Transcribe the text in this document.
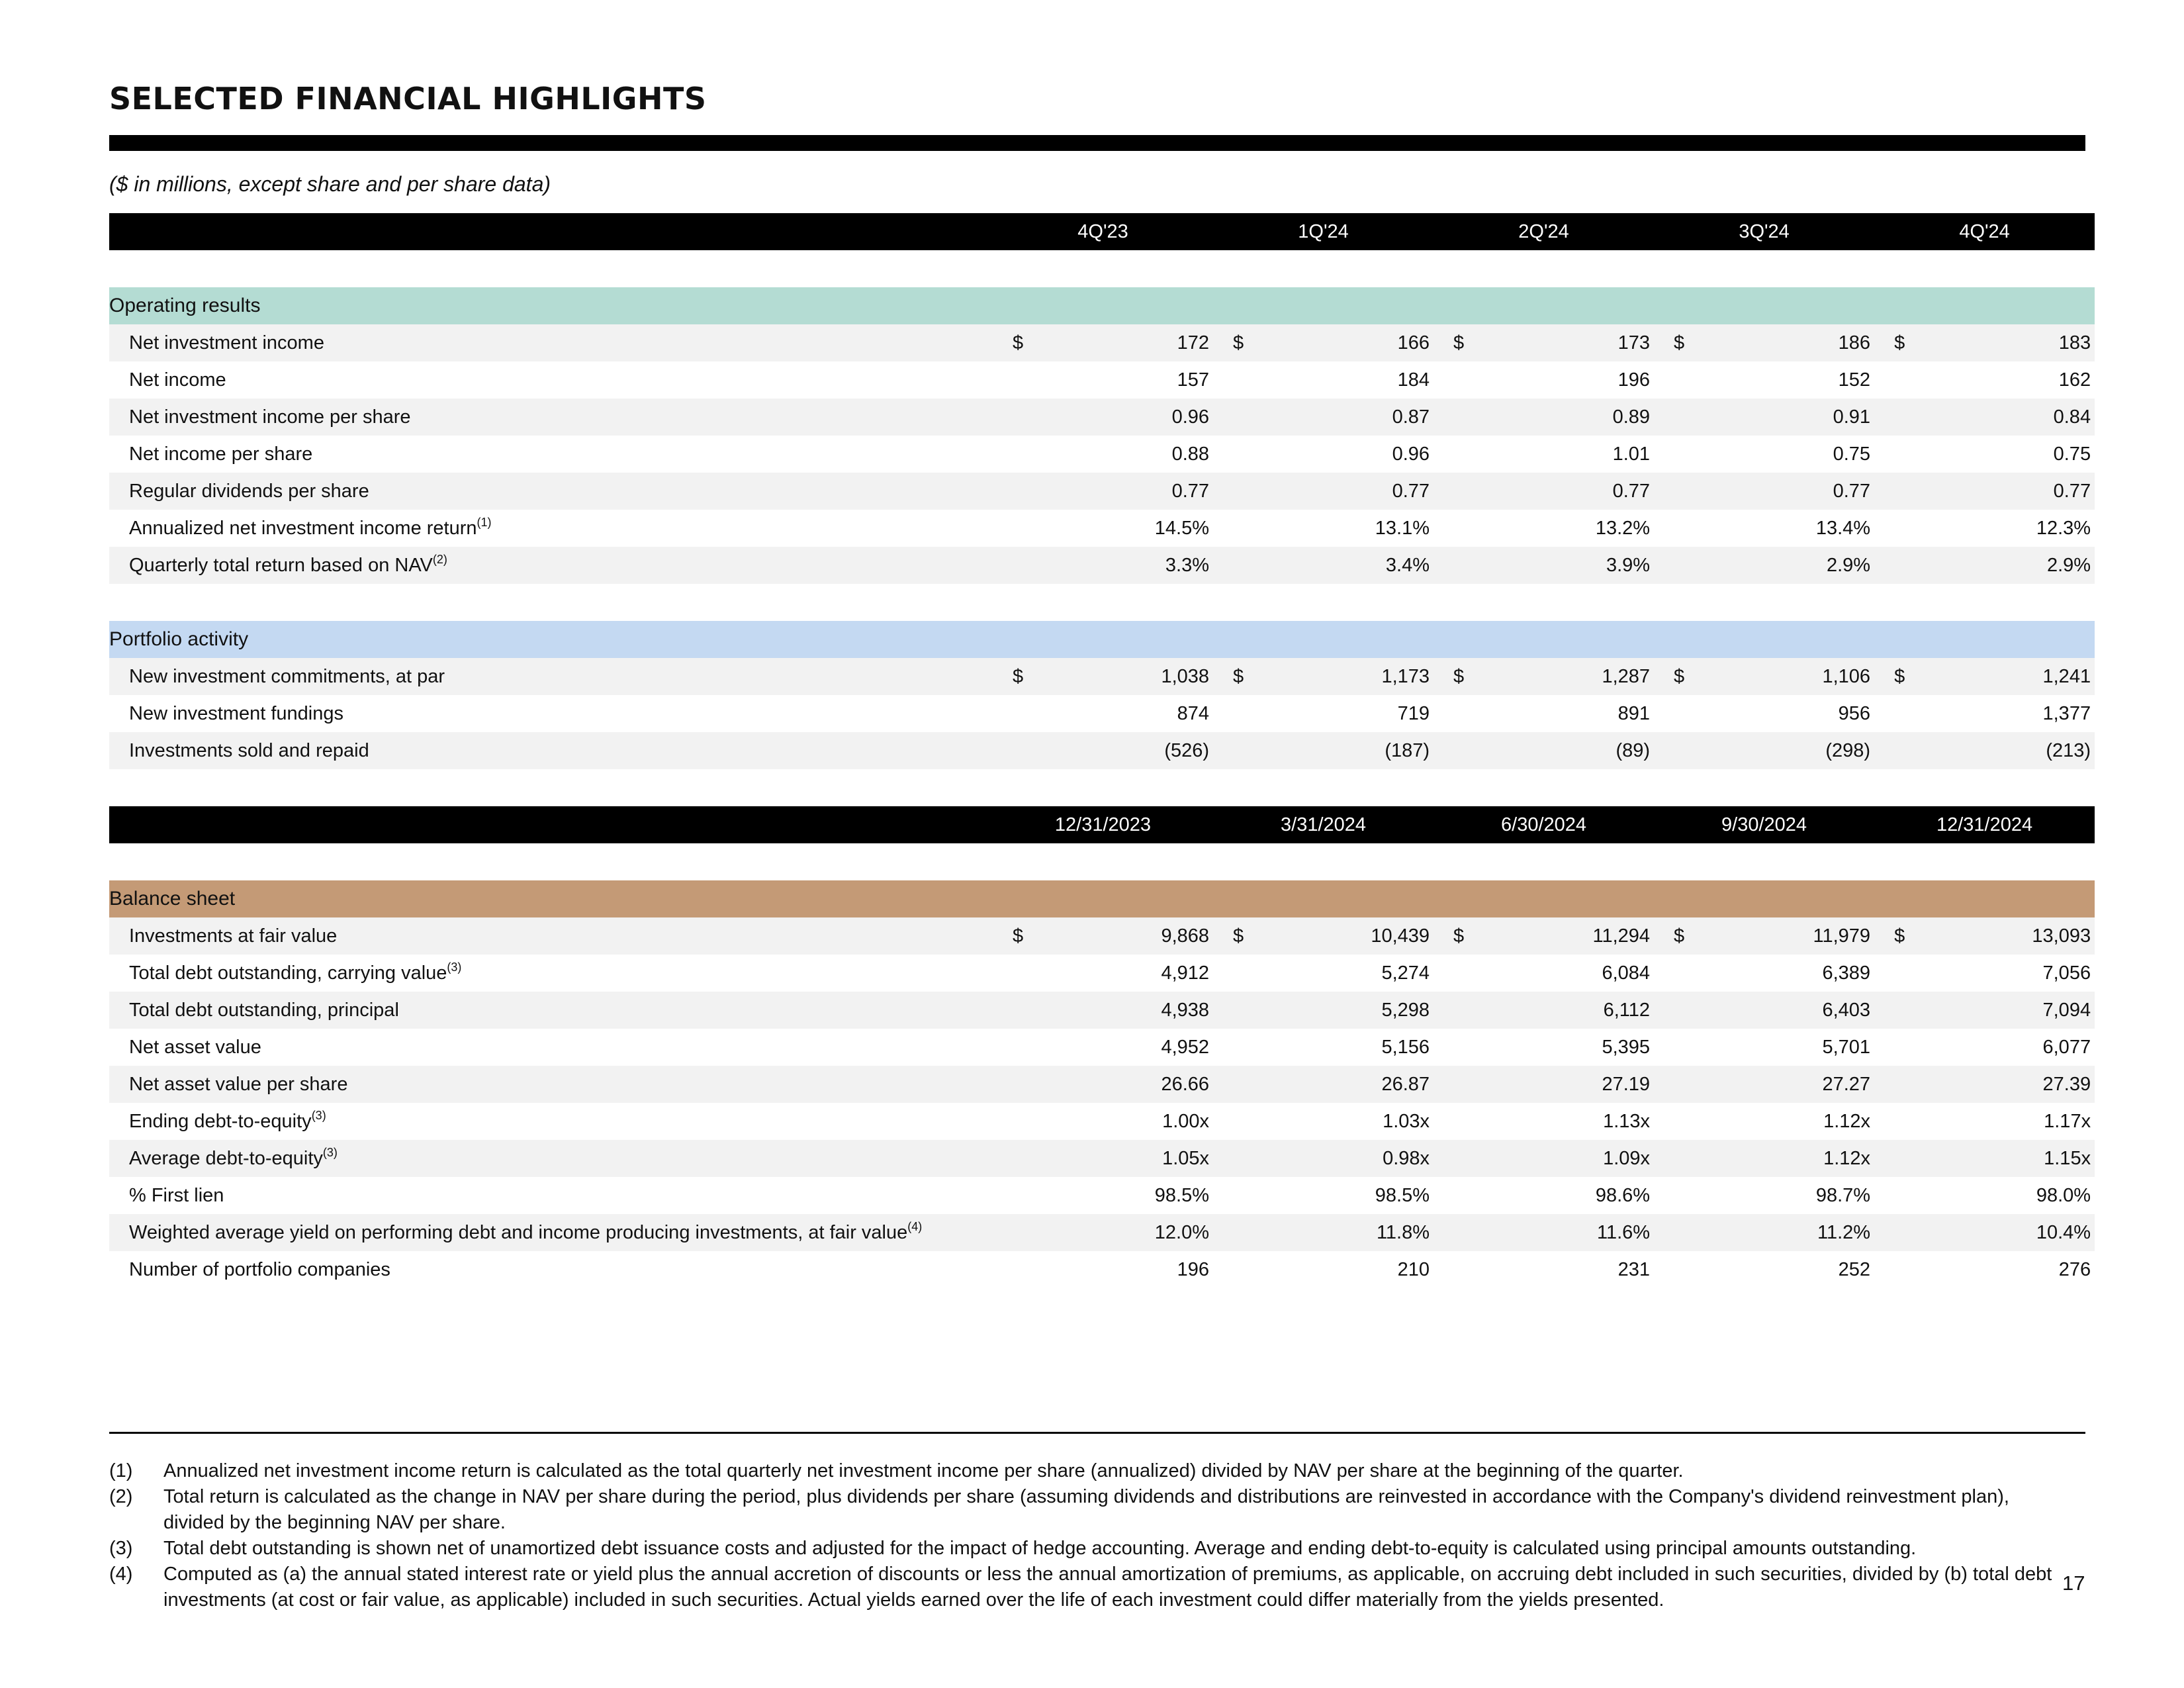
SELECTED FINANCIAL HIGHLIGHTS
($ in millions, except share and per share data)
	4Q'23		1Q'24		2Q'24		3Q'24		4Q'24	

Operating results										
Net investment income	$	172	$	166	$	173	$	186	$	183
Net income		157		184		196		152		162
Net investment income per share		0.96		0.87		0.89		0.91		0.84
Net income per share		0.88		0.96		1.01		0.75		0.75
Regular dividends per share		0.77		0.77		0.77		0.77		0.77
Annualized net investment income return$^{(1)}$		14.5%		13.1%		13.2%		13.4%		12.3%
Quarterly total return based on NAV$^{(2)}$		3.3%		3.4%		3.9%		2.9%		2.9%

Portfolio activity										
New investment commitments, at par	$	1,038	$	1,173	$	1,287	$	1,106	$	1,241
New investment fundings		874		719		891		956		1,377
Investments sold and repaid		(526)		(187)		(89)		(298)		(213)

	12/31/2023		3/31/2024		6/30/2024		9/30/2024		12/31/2024	

Balance sheet										
Investments at fair value	$	9,868	$	10,439	$	11,294	$	11,979	$	13,093
Total debt outstanding, carrying value$^{(3)}$		4,912		5,274		6,084		6,389		7,056
Total debt outstanding, principal		4,938		5,298		6,112		6,403		7,094
Net asset value		4,952		5,156		5,395		5,701		6,077
Net asset value per share		26.66		26.87		27.19		27.27		27.39
Ending debt-to-equity$^{(3)}$		1.00x		1.03x		1.13x		1.12x		1.17x
Average debt-to-equity$^{(3)}$		1.05x		0.98x		1.09x		1.12x		1.15x
% First lien		98.5%		98.5%		98.6%		98.7%		98.0%
Weighted average yield on performing debt and income producing investments, at fair value$^{(4)}$		12.0%		11.8%		11.6%		11.2%		10.4%
Number of portfolio companies		196		210		231		252		276
(1)	Annualized net investment income return is calculated as the total quarterly net investment income per share (annualized) divided by NAV per share at the beginning of the quarter.
(2)	Total return is calculated as the change in NAV per share during the period, plus dividends per share (assuming dividends and distributions are reinvested in accordance with the Company's dividend reinvestment plan), divided by the beginning NAV per share.
(3)	Total debt outstanding is shown net of unamortized debt issuance costs and adjusted for the impact of hedge accounting. Average and ending debt-to-equity is calculated using principal amounts outstanding.
(4)	Computed as (a) the annual stated interest rate or yield plus the annual accretion of discounts or less the annual amortization of premiums, as applicable, on accruing debt included in such securities, divided by (b) total debt investments (at cost or fair value, as applicable) included in such securities. Actual yields earned over the life of each investment could differ materially from the yields presented.
17
